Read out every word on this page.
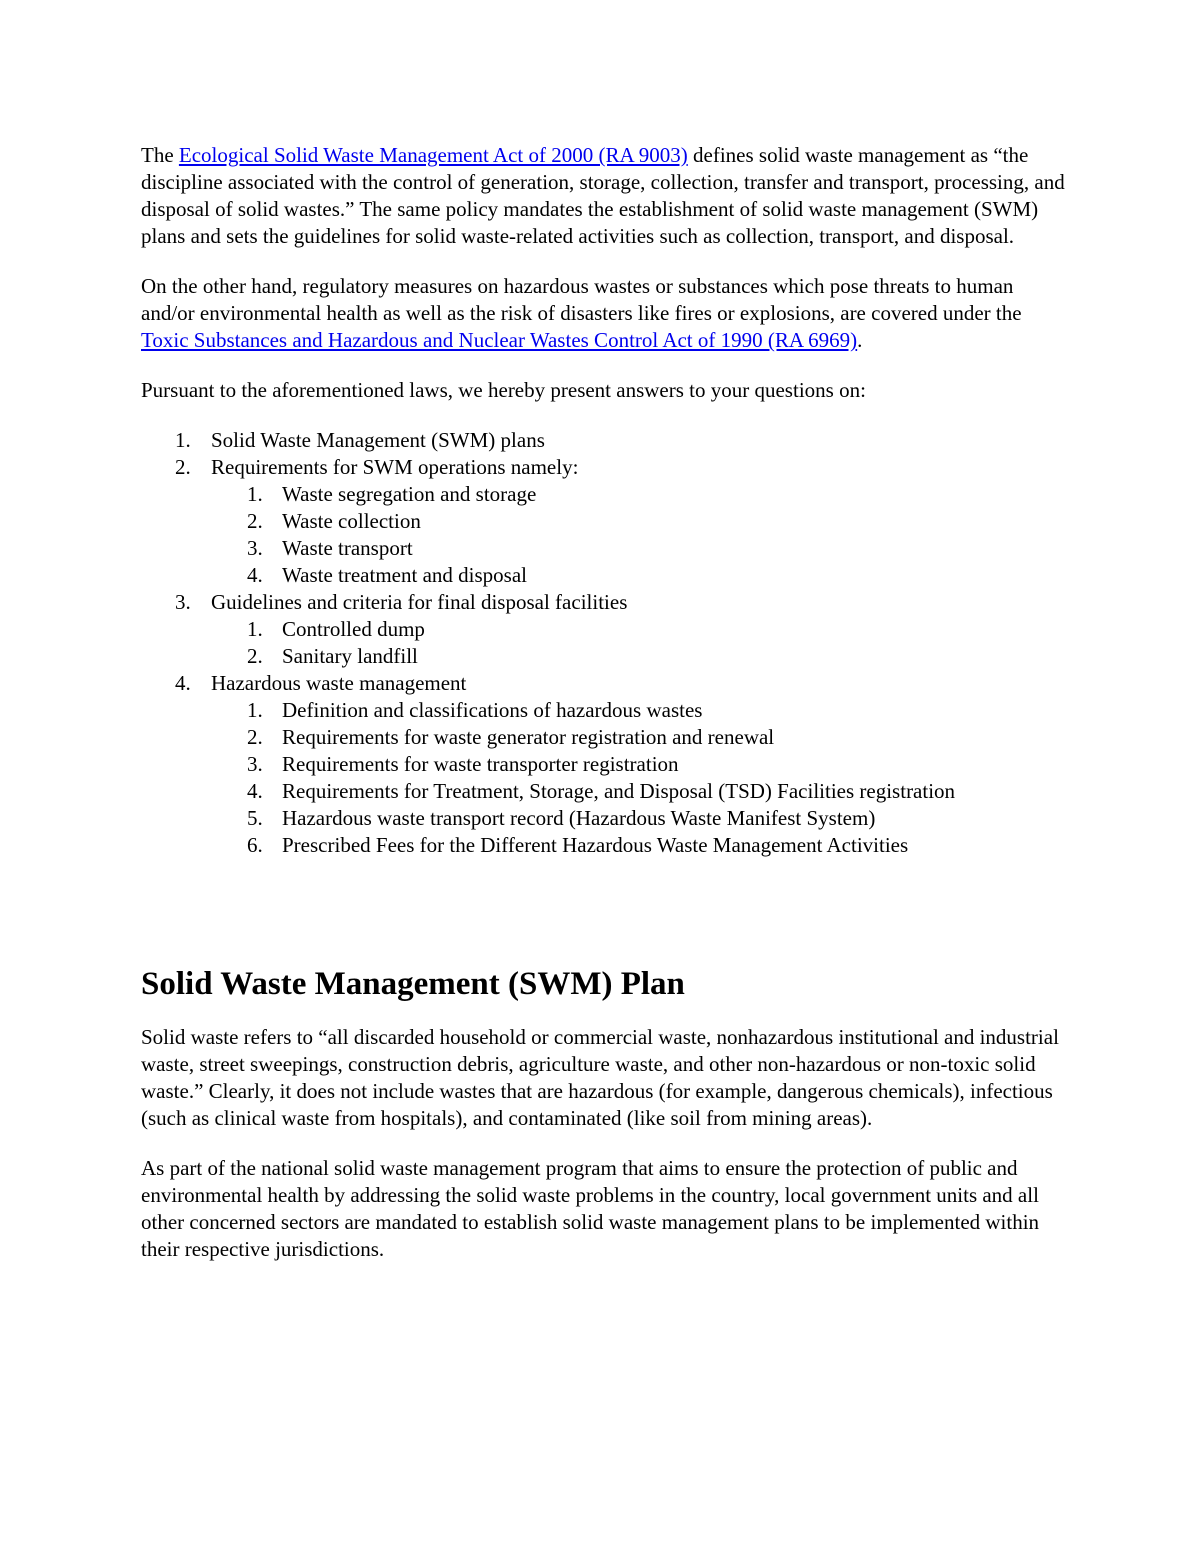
The Ecological Solid Waste Management Act of 2000 (RA 9003) defines solid waste management as “the discipline associated with the control of generation, storage, collection, transfer and transport, processing, and disposal of solid wastes.” The same policy mandates the establishment of solid waste management (SWM) plans and sets the guidelines for solid waste-related activities such as collection, transport, and disposal.

On the other hand, regulatory measures on hazardous wastes or substances which pose threats to human and/or environmental health as well as the risk of disasters like fires or explosions, are covered under the Toxic Substances and Hazardous and Nuclear Wastes Control Act of 1990 (RA 6969).

Pursuant to the aforementioned laws, we hereby present answers to your questions on:

1. Solid Waste Management (SWM) plans
2. Requirements for SWM operations namely:
1. Waste segregation and storage
2. Waste collection
3. Waste transport
4. Waste treatment and disposal
3. Guidelines and criteria for final disposal facilities
1. Controlled dump
2. Sanitary landfill
4. Hazardous waste management
1. Definition and classifications of hazardous wastes
2. Requirements for waste generator registration and renewal
3. Requirements for waste transporter registration
4. Requirements for Treatment, Storage, and Disposal (TSD) Facilities registration
5. Hazardous waste transport record (Hazardous Waste Manifest System)
6. Prescribed Fees for the Different Hazardous Waste Management Activities
Solid Waste Management (SWM) Plan

Solid waste refers to “all discarded household or commercial waste, nonhazardous institutional and industrial waste, street sweepings, construction debris, agriculture waste, and other non-hazardous or non-toxic solid waste.” Clearly, it does not include wastes that are hazardous (for example, dangerous chemicals), infectious (such as clinical waste from hospitals), and contaminated (like soil from mining areas).

As part of the national solid waste management program that aims to ensure the protection of public and environmental health by addressing the solid waste problems in the country, local government units and all other concerned sectors are mandated to establish solid waste management plans to be implemented within their respective jurisdictions.
